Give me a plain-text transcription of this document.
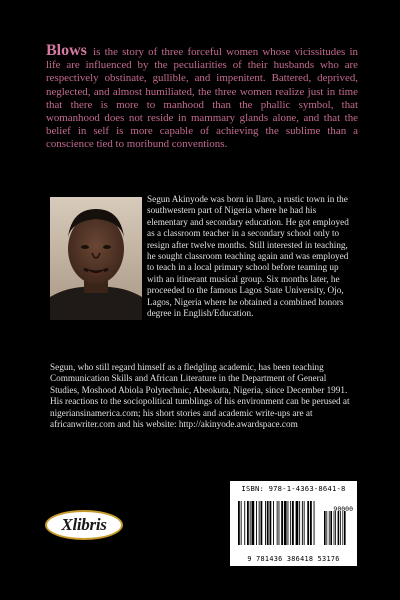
Blows is the story of three forceful women whose vicissitudes in life are influenced by the peculiarities of their husbands who are respectively obstinate, gullible, and impenitent. Battered, deprived, neglected, and almost humiliated, the three women realize just in time that there is more to manhood than the phallic symbol, that womanhood does not reside in mammary glands alone, and that the belief in self is more capable of achieving the sublime than a conscience tied to moribund conventions.

Segun Akinyode was born in Ilaro, a rustic town in the southwestern part of Nigeria where he had his elementary and secondary education. He got employed as a classroom teacher in a secondary school only to resign after twelve months. Still interested in teaching, he sought classroom teaching again and was employed to teach in a local primary school before teaming up with an itinerant musical group. Six months later, he proceeded to the famous Lagos State University, Ojo, Lagos, Nigeria where he obtained a combined honors degree in English/Education.

Segun, who still regard himself as a fledgling academic, has been teaching Communication Skills and African Literature in the Department of General Studies, Moshood Abiola Polytechnic, Abeokuta, Nigeria, since December 1991. His reactions to the sociopolitical tumblings of his environment can be perused at nigeriansinamerica.com; his short stories and academic write-ups are at africanwriter.com and his website: http://akinyode.awardspace.com

Xlibris
ISBN: 978-1-4363-8641-8
90000
9 781436 386418 53176
